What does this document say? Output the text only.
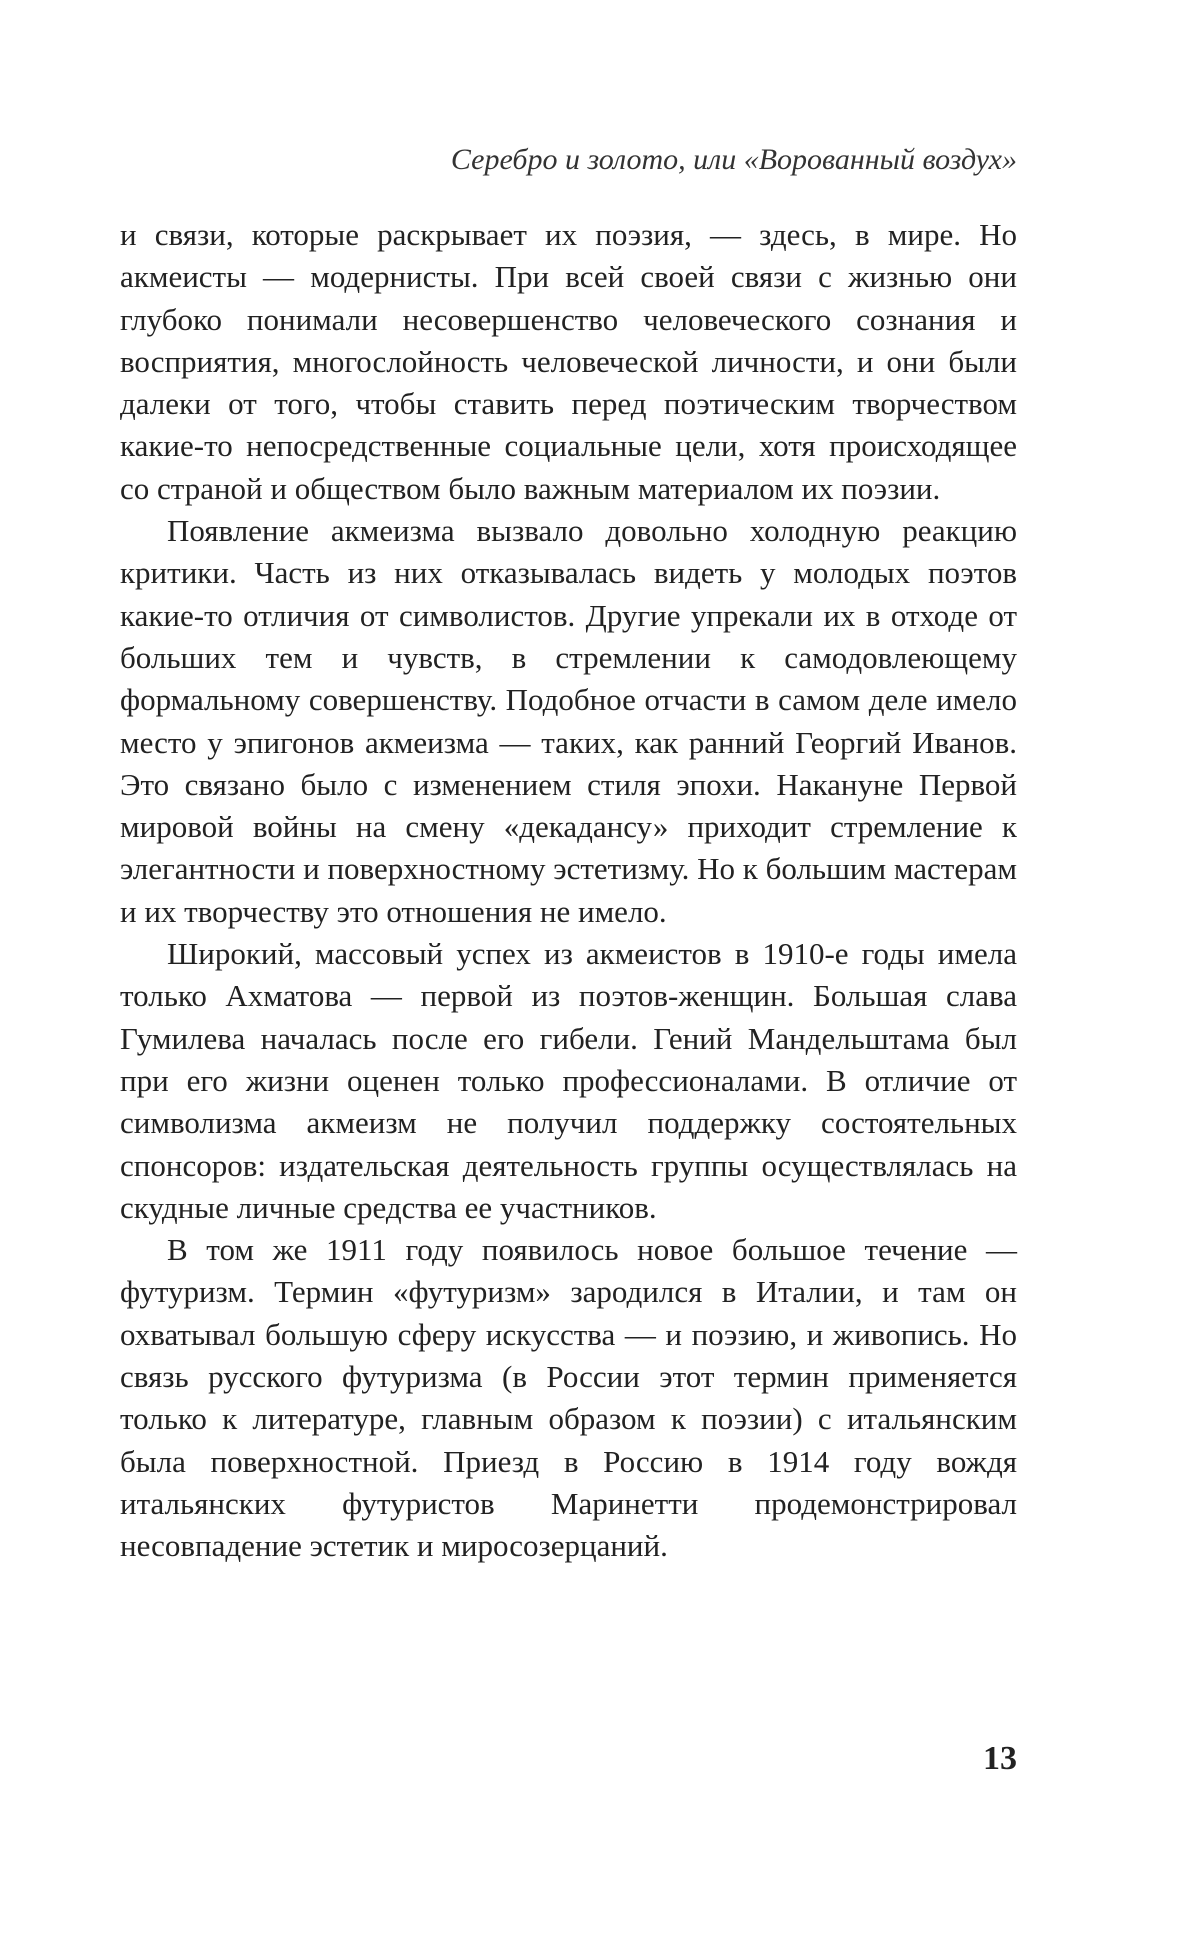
Серебро и золото, или «Ворованный воздух»

и связи, которые раскрывает их поэзия, — здесь, в мире. Но акмеисты — модернисты. При всей своей связи с жизнью они глубоко понимали несовершенство человеческого сознания и восприятия, многослойность человеческой личности, и они были далеки от того, чтобы ставить перед поэтическим творчеством какие-то непосредственные социальные цели, хотя происходящее со страной и обществом было важным материалом их поэзии.

Появление акмеизма вызвало довольно холодную реакцию критики. Часть из них отказывалась видеть у молодых поэтов какие-то отличия от символистов. Другие упрекали их в отходе от больших тем и чувств, в стремлении к самодовлеющему формальному совершенству. Подобное отчасти в самом деле имело место у эпигонов акмеизма — таких, как ранний Георгий Иванов. Это связано было с изменением стиля эпохи. Накануне Первой мировой войны на смену «декадансу» приходит стремление к элегантности и поверхностному эстетизму. Но к большим мастерам и их творчеству это отношения не имело.

Широкий, массовый успех из акмеистов в 1910-е годы имела только Ахматова — первой из поэтов-женщин. Большая слава Гумилева началась после его гибели. Гений Мандельштама был при его жизни оценен только профессионалами. В отличие от символизма акмеизм не получил поддержку состоятельных спонсоров: издательская деятельность группы осуществлялась на скудные личные средства ее участников.

В том же 1911 году появилось новое большое течение — футуризм. Термин «футуризм» зародился в Италии, и там он охватывал большую сферу искусства — и поэзию, и живопись. Но связь русского футуризма (в России этот термин применяется только к литературе, главным образом к поэзии) с итальянским была поверхностной. Приезд в Россию в 1914 году вождя итальянских футуристов Маринетти продемонстрировал несовпадение эстетик и миросозерцаний.

13
